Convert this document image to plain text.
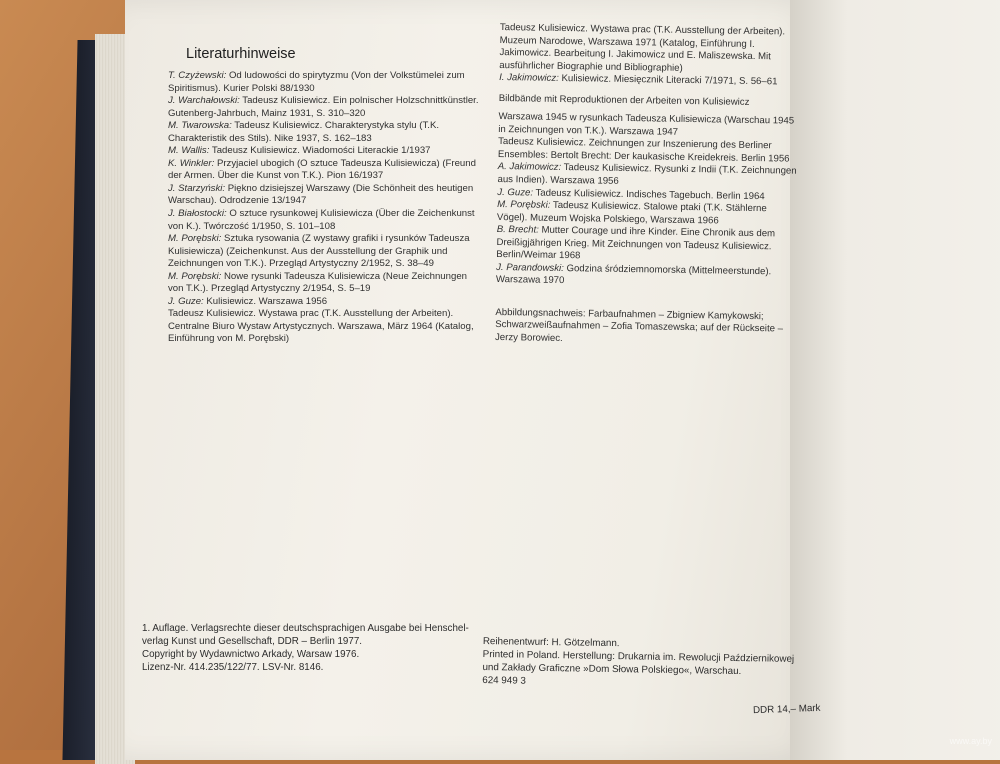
Literaturhinweise
T. Czyżewski: Od ludowości do spirytyzmu (Von der Volkstümelei zum Spiritismus). Kurier Polski 88/1930
J. Warchałowski: Tadeusz Kulisiewicz. Ein polnischer Holzschnittkünstler. Gutenberg-Jahrbuch, Mainz 1931, S. 310–320
M. Twarowska: Tadeusz Kulisiewicz. Charakterystyka stylu (T.K. Charakteristik des Stils). Nike 1937, S. 162–183
M. Wallis: Tadeusz Kulisiewicz. Wiadomości Literackie 1/1937
K. Winkler: Przyjaciel ubogich (O sztuce Tadeusza Kulisiewicza) (Freund der Armen. Über die Kunst von T.K.). Pion 16/1937
J. Starzyński: Piękno dzisiejszej Warszawy (Die Schönheit des heutigen Warschau). Odrodzenie 13/1947
J. Białostocki: O sztuce rysunkowej Kulisiewicza (Über die Zeichenkunst von K.). Twórczość 1/1950, S. 101–108
M. Porębski: Sztuka rysowania (Z wystawy grafiki i rysunków Tadeusza Kulisiewicza) (Zeichenkunst. Aus der Ausstellung der Graphik und Zeichnungen von T.K.). Przegląd Artystyczny 2/1952, S. 38–49
M. Porębski: Nowe rysunki Tadeusza Kulisiewicza (Neue Zeichnungen von T.K.). Przegląd Artystyczny 2/1954, S. 5–19
J. Guze: Kulisiewicz. Warszawa 1956
Tadeusz Kulisiewicz. Wystawa prac (T.K. Ausstellung der Arbeiten). Centralne Biuro Wystaw Artystycznych. Warszawa, März 1964 (Katalog, Einführung von M. Porębski)
Tadeusz Kulisiewicz. Wystawa prac (T.K. Ausstellung der Arbeiten). Muzeum Narodowe, Warszawa 1971 (Katalog, Einführung I. Jakimowicz. Bearbeitung I. Jakimowicz und E. Maliszewska. Mit ausführlicher Biographie und Bibliographie)
I. Jakimowicz: Kulisiewicz. Miesięcznik Literacki 7/1971, S. 56–61
Bildbände mit Reproduktionen der Arbeiten von Kulisiewicz
Warszawa 1945 w rysunkach Tadeusza Kulisiewicza (Warschau 1945 in Zeichnungen von T.K.). Warszawa 1947
Tadeusz Kulisiewicz. Zeichnungen zur Inszenierung des Berliner Ensembles: Bertolt Brecht: Der kaukasische Kreidekreis. Berlin 1956
A. Jakimowicz: Tadeusz Kulisiewicz. Rysunki z Indii (T.K. Zeichnungen aus Indien). Warszawa 1956
J. Guze: Tadeusz Kulisiewicz. Indisches Tagebuch. Berlin 1964
M. Porębski: Tadeusz Kulisiewicz. Stalowe ptaki (T.K. Stählerne Vögel). Muzeum Wojska Polskiego, Warszawa 1966
B. Brecht: Mutter Courage und ihre Kinder. Eine Chronik aus dem Dreißigjährigen Krieg. Mit Zeichnungen von Tadeusz Kulisiewicz. Berlin/Weimar 1968
J. Parandowski: Godzina śródziemnomorska (Mittelmeerstunde). Warszawa 1970
Abbildungsnachweis: Farbaufnahmen – Zbigniew Kamykowski; Schwarzweißaufnahmen – Zofia Tomaszewska; auf der Rückseite – Jerzy Borowiec.
1. Auflage. Verlagsrechte dieser deutschsprachigen Ausgabe bei Henschel-
verlag Kunst und Gesellschaft, DDR – Berlin 1977.
Copyright by Wydawnictwo Arkady, Warsaw 1976.
Lizenz-Nr. 414.235/122/77. LSV-Nr. 8146.
Reihenentwurf: H. Götzelmann.
Printed in Poland. Herstellung: Drukarnia im. Rewolucji Październikowej
und Zakłady Graficzne »Dom Słowa Polskiego«, Warschau.
624 949 3
DDR 14,– Mark
www.ay.by
